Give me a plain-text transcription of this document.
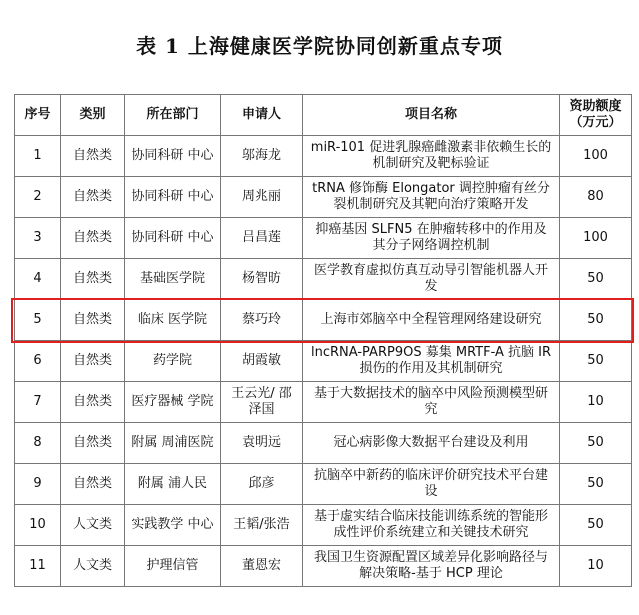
表 1 上海健康医学院协同创新重点专项
序号	类别	所在部门	申请人	项目名称	资助额度 （万元）
1	自然类	协同科研 中心	邬海龙	miR-101 促进乳腺癌雌激素非依赖生长的机制研究及靶标验证	100
2	自然类	协同科研 中心	周兆丽	tRNA 修饰酶 Elongator 调控肿瘤有丝分裂机制研究及其靶向治疗策略开发	80
3	自然类	协同科研 中心	吕昌莲	抑癌基因 SLFN5 在肿瘤转移中的作用及其分子网络调控机制	100
4	自然类	基础医学院	杨智昉	医学教育虚拟仿真互动导引智能机器人开发	50
5	自然类	临床 医学院	蔡巧玲	上海市郊脑卒中全程管理网络建设研究	50
6	自然类	药学院	胡霞敏	lncRNA-PARP9OS 募集 MRTF-A 抗脑 IR 损伤的作用及其机制研究	50
7	自然类	医疗器械 学院	王云光/ 邵泽国	基于大数据技术的脑卒中风险预测模型研究	10
8	自然类	附属 周浦医院	袁明远	冠心病影像大数据平台建设及利用	50
9	自然类	附属 浦人民	邱彦	抗脑卒中新药的临床评价研究技术平台建设	50
10	人文类	实践教学 中心	王韬/张浩	基于虚实结合临床技能训练系统的智能形成性评价系统建立和关键技术研究	50
11	人文类	护理信管	董恩宏	我国卫生资源配置区域差异化影响路径与解决策略-基于 HCP 理论	10
